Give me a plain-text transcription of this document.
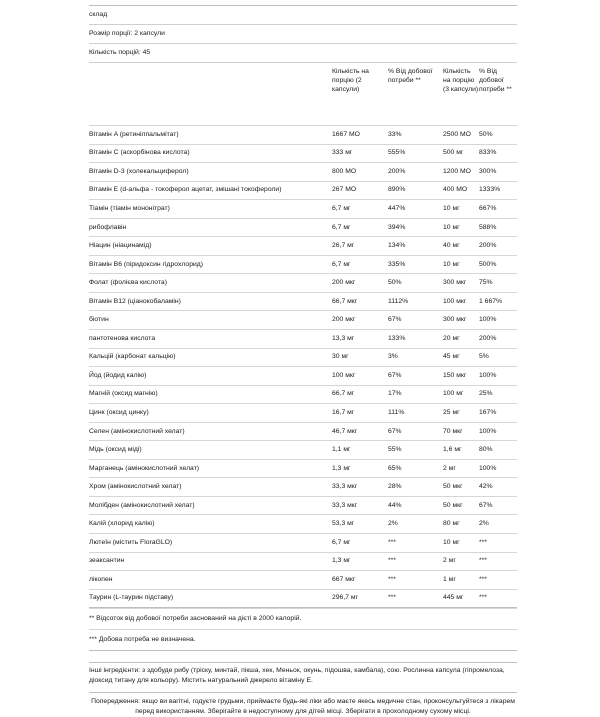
склад
Розмір порції: 2 капсули
Кількість порцій: 45
	Кількість на порцію (2 капсули)	% Від добової потреби **	Кількість на порцію (3 капсули)	% Від добової потреби **
Вітамін A (ретинілпальмітат)	1667 МО	33%	2500 МО	50%
Вітамін C (аскорбінова кислота)	333 мг	555%	500 мг	833%
Вітамін D-3 (холекальциферол)	800 МО	200%	1200 МО	300%
Вітамін E (d-альфа - токоферол ацетат, змішані токофероли)	267 МО	890%	400 МО	1333%
Тіамін (тіамін мононітрат)	6,7 мг	447%	10 мг	667%
рибофлавін	6,7 мг	394%	10 мг	588%
Ніацин (ніацинамід)	26,7 мг	134%	40 мг	200%
Вітамін B6 (піридоксин гідрохлорид)	6,7 мг	335%	10 мг	500%
Фолат (фолієва кислота)	200 мкг	50%	300 мкг	75%
Вітамін B12 (ціанокобаламін)	66,7 мкг	1112%	100 мкг	1 667%
біотин	200 мкг	67%	300 мкг	100%
пантотенова кислота	13,3 мг	133%	20 мг	200%
Кальцій (карбонат кальцію)	30 мг	3%	45 мг	5%
Йод (йодид калію)	100 мкг	67%	150 мкг	100%
Магній (оксид магнію)	66,7 мг	17%	100 мг	25%
Цинк (оксид цинку)	16,7 мг	111%	25 мг	167%
Селен (амінокислотний хелат)	46,7 мкг	67%	70 мкг	100%
Мідь (оксид міді)	1,1 мг	55%	1,6 мг	80%
Марганець (амінокислотний хелат)	1,3 мг	65%	2 мг	100%
Хром (амінокислотний хелат)	33,3 мкг	28%	50 мкг	42%
Молібден (амінокислотний хелат)	33,3 мкг	44%	50 мкг	67%
Калій (хлорид калію)	53,3 мг	2%	80 мг	2%
Лютеїн (містить FloraGLO)	6,7 мг	***	10 мг	***
зеаксантин	1,3 мг	***	2 мг	***
лікопен	667 мкг	***	1 мг	***
Таурин (L-таурин підставу)	296,7 мг	***	445 мг	***
** Відсоток від добової потреби заснований на дієті в 2000 калорій.
*** Добова потреба не визначена.
Інші інгредієнти: з здобуде рибу (тріску, минтай, пікша, хек, Меньок, окунь, підошва, камбала), сою. Рослинна капсула (гіпромелоза, діоксид титану для кольору). Містить натуральний джерело вітаміну E.
Попередження: якщо ви вагітні, годуєте грудьми, приймаєте будь-які ліки або маєте якесь медичне стан, проконсультуйтеся з лікарем перед використанням. Зберігайте в недоступному для дітей місці. Зберігати в прохолодному сухому місці.
